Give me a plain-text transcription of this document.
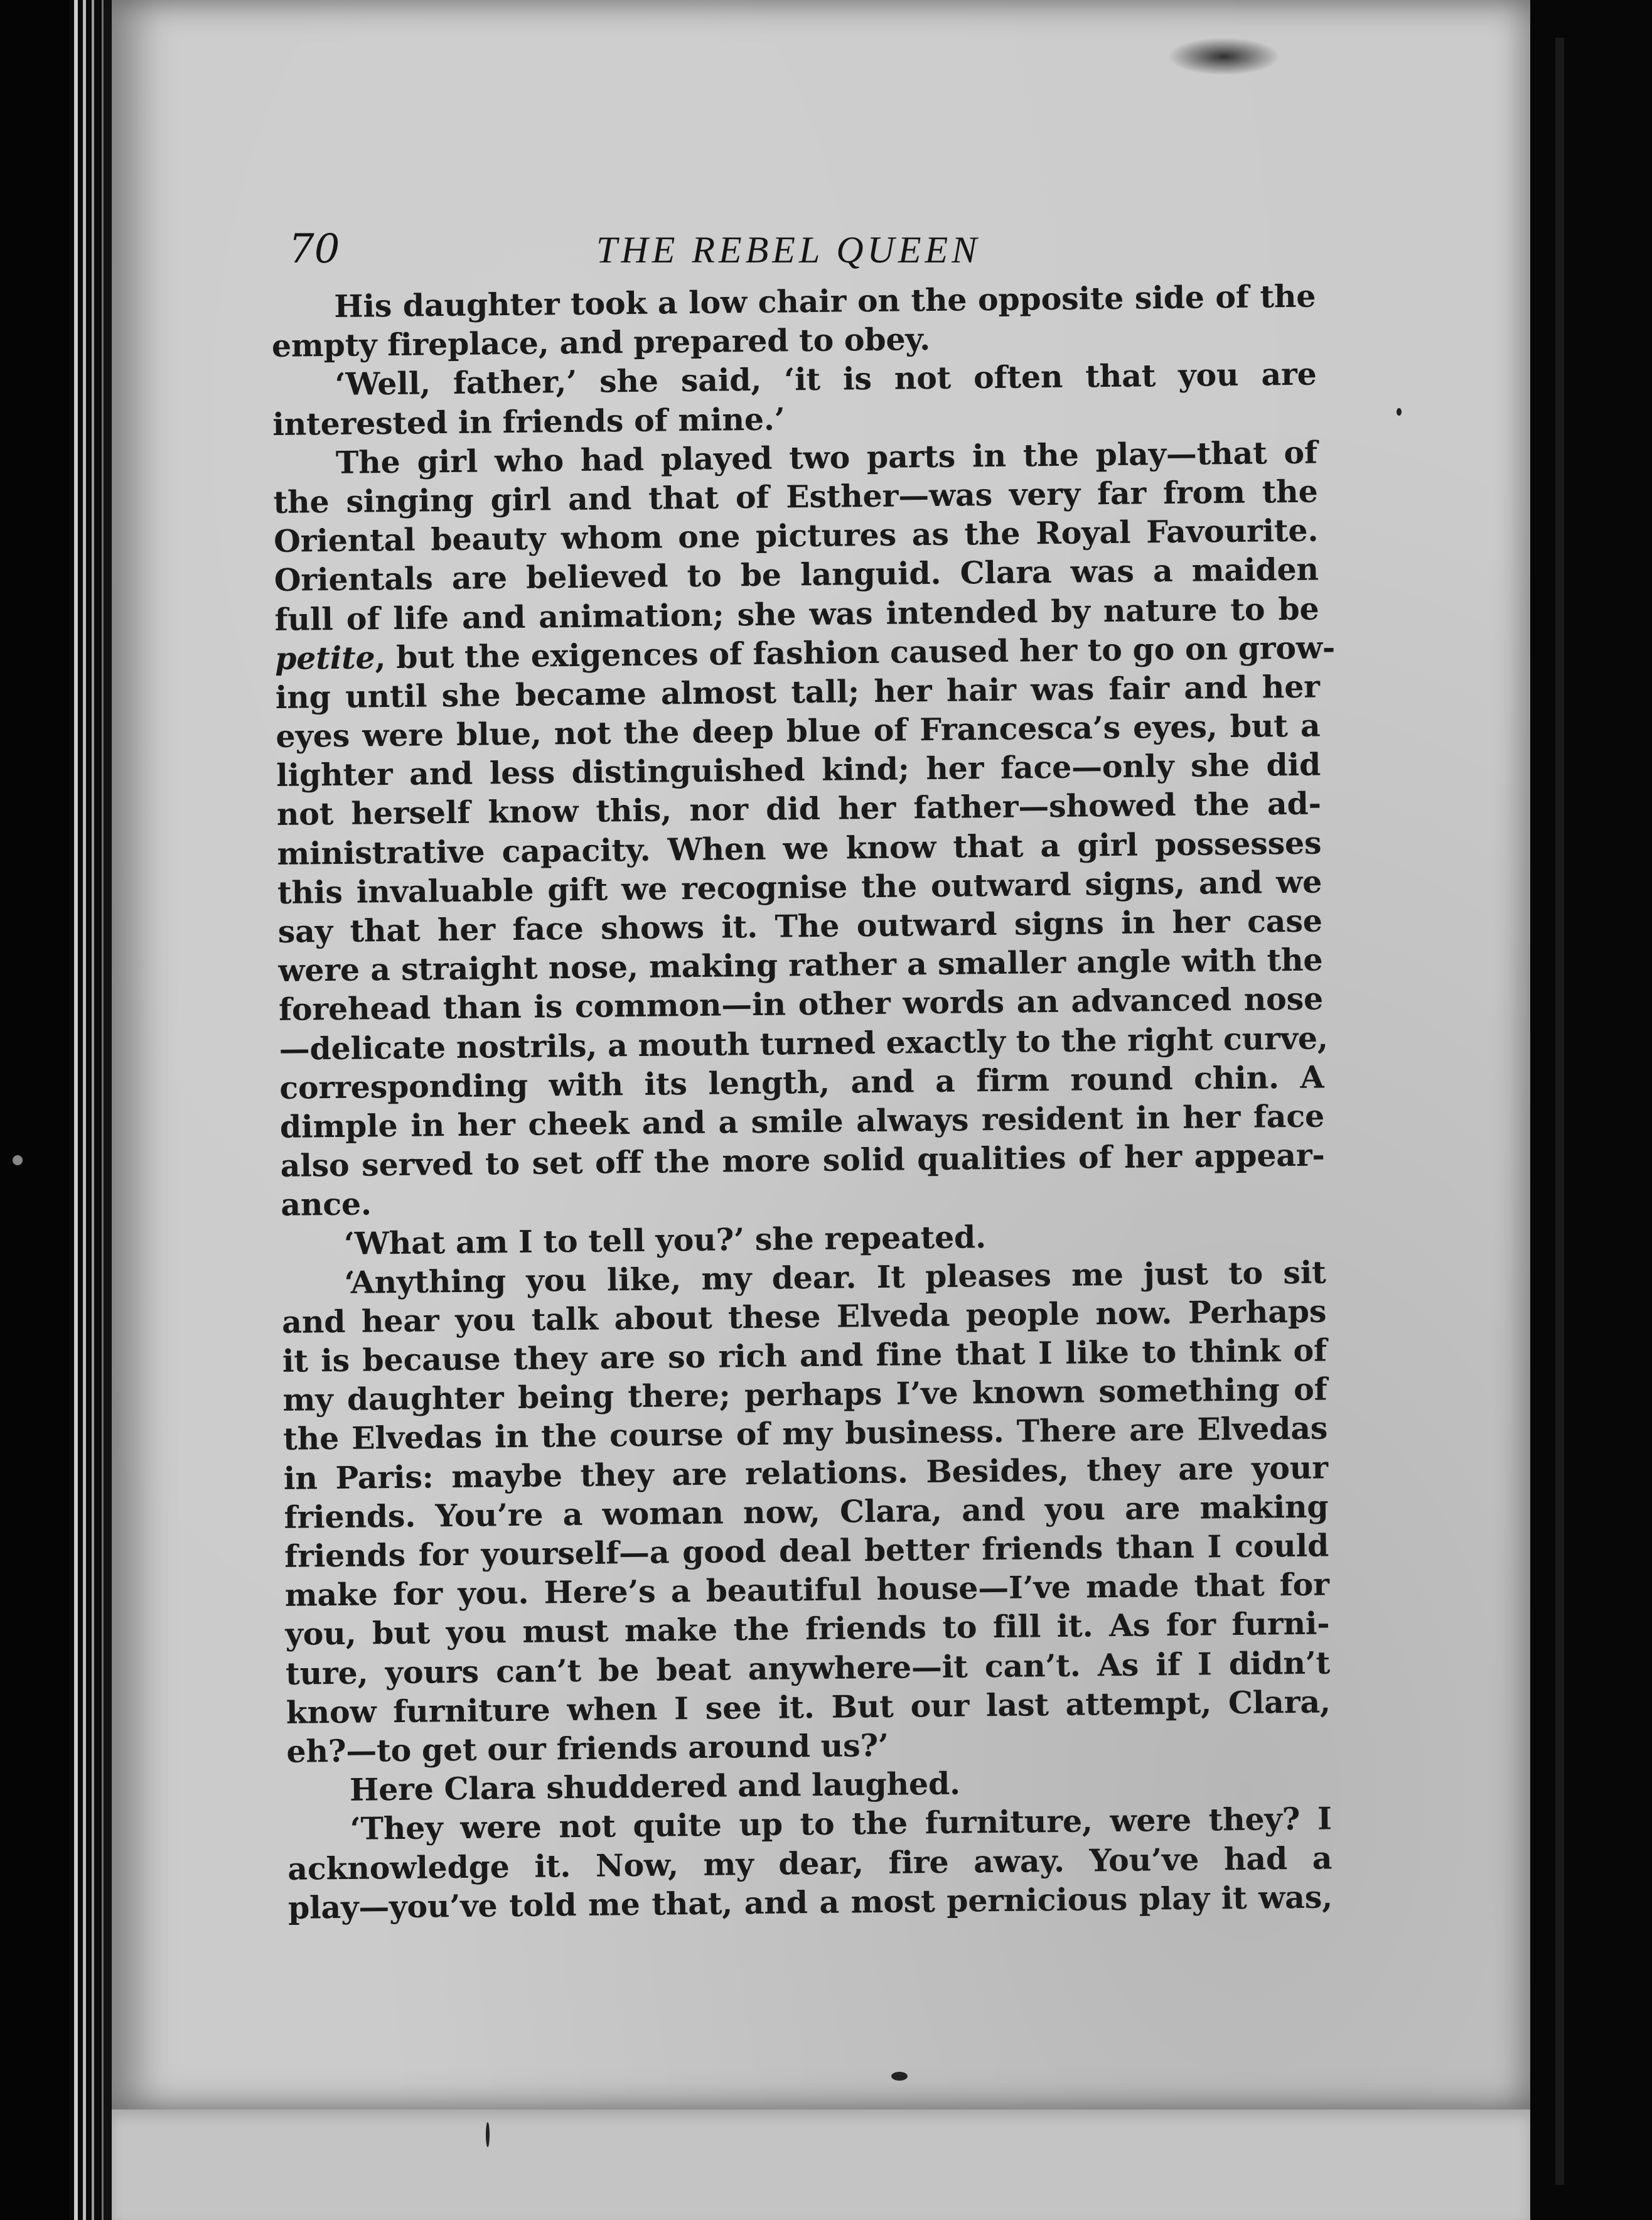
70	THE REBEL QUEEN
His daughter took a low chair on the opposite side of the
empty fireplace, and prepared to obey.
‘Well, father,’ she said, ‘it is not often that you are
interested in friends of mine.’
The girl who had played two parts in the play—that of
the singing girl and that of Esther—was very far from the
Oriental beauty whom one pictures as the Royal Favourite.
Orientals are believed to be languid. Clara was a maiden
full of life and animation; she was intended by nature to be
petite, but the exigences of fashion caused her to go on grow-
ing until she became almost tall; her hair was fair and her
eyes were blue, not the deep blue of Francesca’s eyes, but a
lighter and less distinguished kind; her face—only she did
not herself know this, nor did her father—showed the ad-
ministrative capacity. When we know that a girl possesses
this invaluable gift we recognise the outward signs, and we
say that her face shows it. The outward signs in her case
were a straight nose, making rather a smaller angle with the
forehead than is common—in other words an advanced nose
—delicate nostrils, a mouth turned exactly to the right curve,
corresponding with its length, and a firm round chin. A
dimple in her cheek and a smile always resident in her face
also served to set off the more solid qualities of her appear-
ance.
‘What am I to tell you?’ she repeated.
‘Anything you like, my dear. It pleases me just to sit
and hear you talk about these Elveda people now. Perhaps
it is because they are so rich and fine that I like to think of
my daughter being there; perhaps I’ve known something of
the Elvedas in the course of my business. There are Elvedas
in Paris: maybe they are relations. Besides, they are your
friends. You’re a woman now, Clara, and you are making
friends for yourself—a good deal better friends than I could
make for you. Here’s a beautiful house—I’ve made that for
you, but you must make the friends to fill it. As for furni-
ture, yours can’t be beat anywhere—it can’t. As if I didn’t
know furniture when I see it. But our last attempt, Clara,
eh?—to get our friends around us?’
Here Clara shuddered and laughed.
‘They were not quite up to the furniture, were they? I
acknowledge it. Now, my dear, fire away. You’ve had a
play—you’ve told me that, and a most pernicious play it was,
